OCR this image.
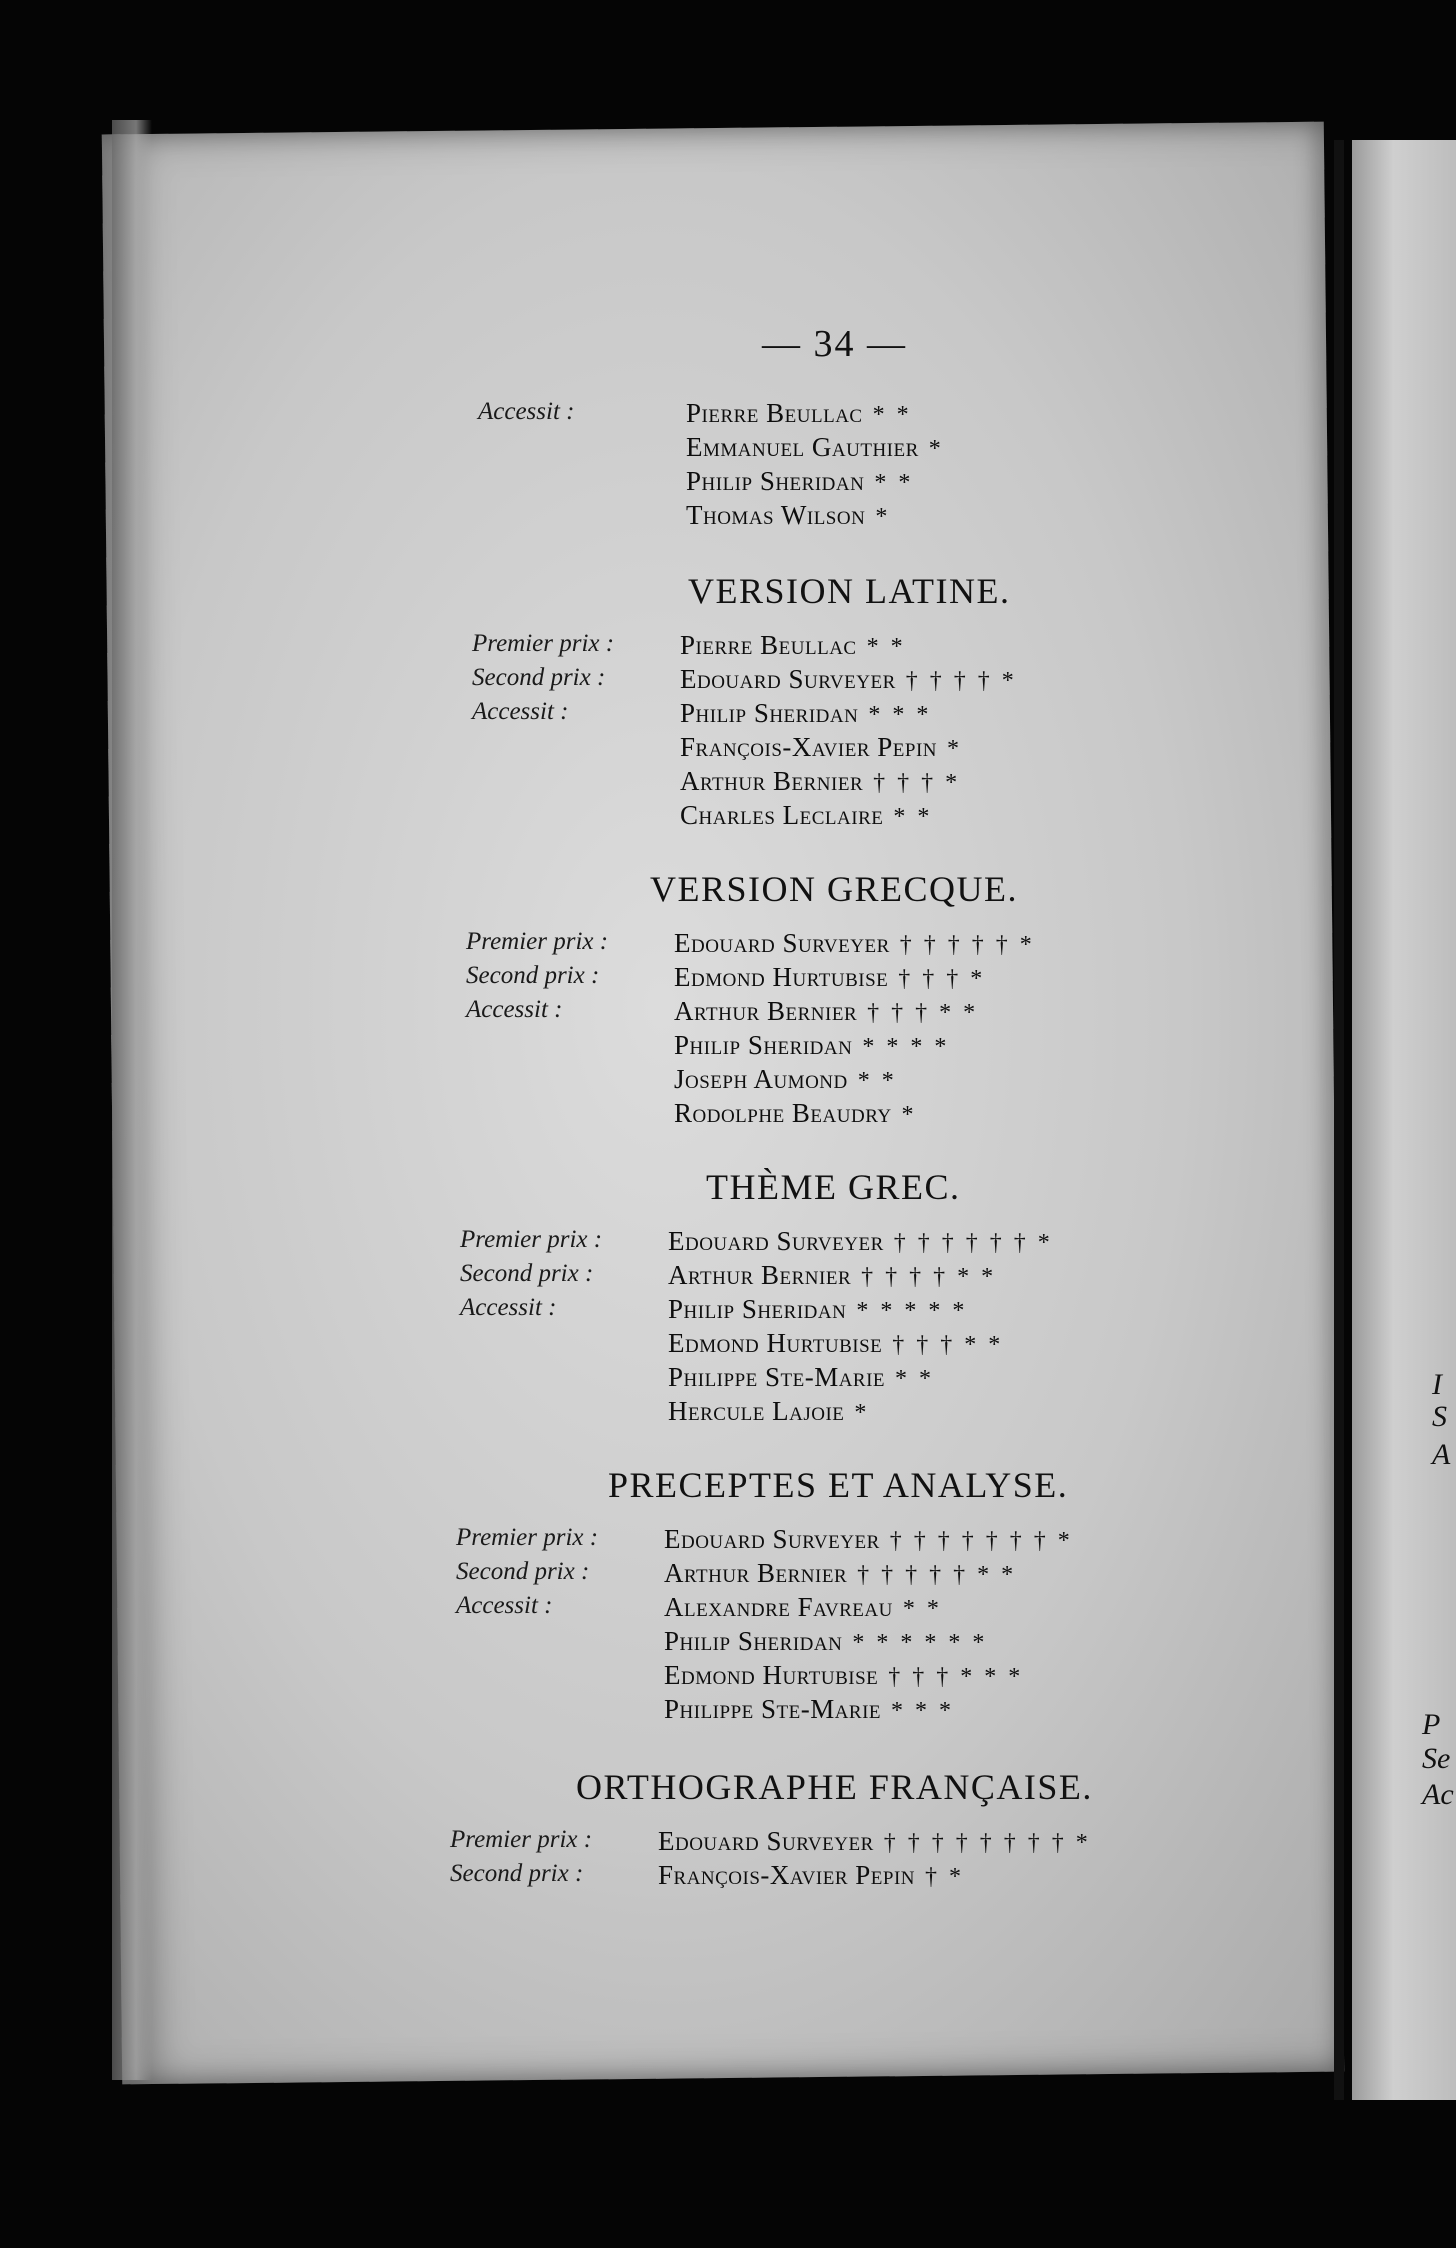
I
S
A
P
Se
Ac
— 34 —
Accessit :	Pierre Beullac * *
Emmanuel Gauthier *
Philip Sheridan * *
Thomas Wilson *
VERSION LATINE.
Premier prix : Pierre Beullac * *
Second prix :	Edouard Surveyer † † † † *
Accessit :	Philip Sheridan * * *
François-Xavier Pepin *
Arthur Bernier † † † *
Charles Leclaire * *
VERSION GRECQUE.
Premier prix : Edouard Surveyer † † † † † *
Second prix :	Edmond Hurtubise † † † *
Accessit :	Arthur Bernier † † † * *
Philip Sheridan * * * *
Joseph Aumond * *
Rodolphe Beaudry *
THÈME GREC.
Premier prix : Edouard Surveyer † † † † † † *
Second prix :	Arthur Bernier † † † † * *
Accessit :	Philip Sheridan * * * * *
Edmond Hurtubise † † † * *
Philippe Ste-Marie * *
Hercule Lajoie *
PRECEPTES ET ANALYSE.
Premier prix : Edouard Surveyer † † † † † † † *
Second prix :	Arthur Bernier † † † † † * *
Accessit :	Alexandre Favreau * *
Philip Sheridan * * * * * *
Edmond Hurtubise † † † * * *
Philippe Ste-Marie * * *
ORTHOGRAPHE FRANÇAISE.
Premier prix : Edouard Surveyer † † † † † † † † *
Second prix :	François-Xavier Pepin † *
